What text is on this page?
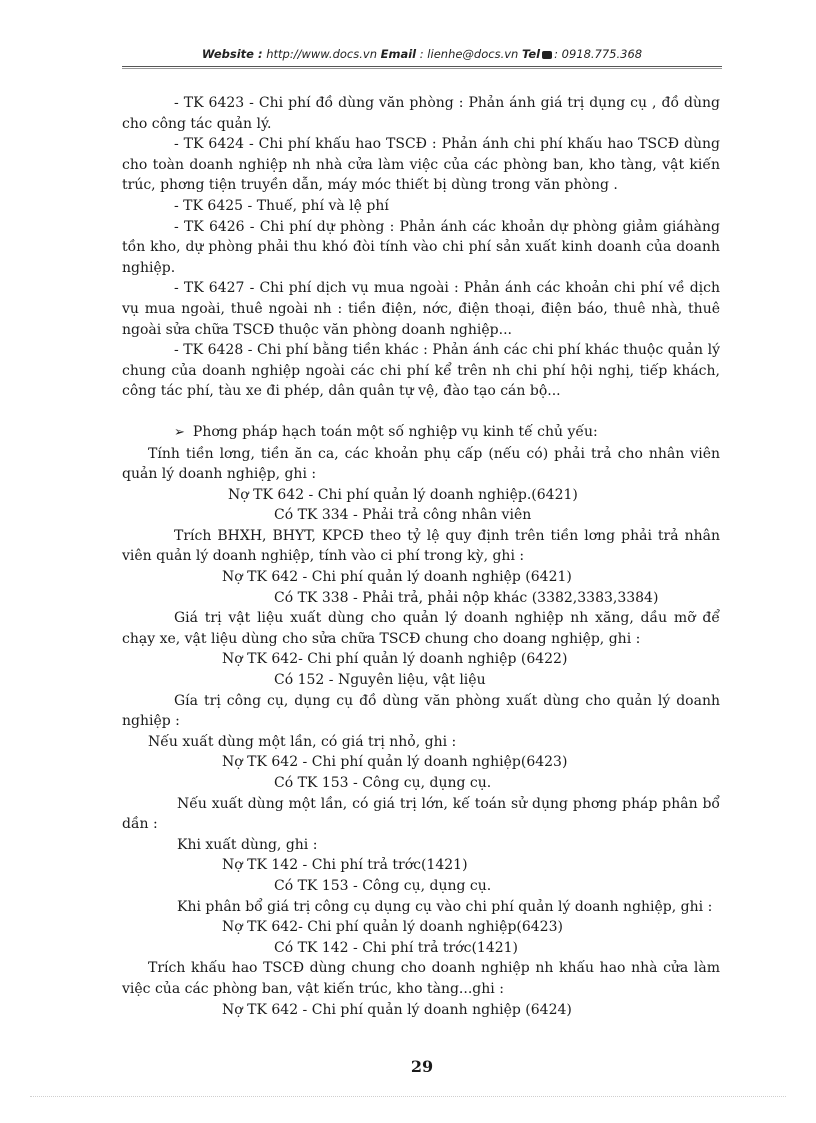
Website : http://www.docs.vn Email : lienhe@docs.vn Tel : 0918.775.368

- TK 6423 - Chi phí đồ dùng văn phòng : Phản ánh giá trị dụng cụ , đồ dùng cho công tác quản lý.

- TK 6424 - Chi phí khấu hao TSCĐ : Phản ánh chi phí khấu hao TSCĐ dùng cho toàn doanh nghiệp nh nhà cửa làm việc của các phòng ban, kho tàng, vật kiến trúc, phơng tiện truyền dẫn, máy móc thiết bị dùng trong văn phòng .

- TK 6425 - Thuế, phí và lệ phí

- TK 6426 - Chi phí dự phòng : Phản ánh các khoản dự phòng giảm giáhàng tồn kho, dự phòng phải thu khó đòi tính vào chi phí sản xuất kinh doanh của doanh nghiệp.

- TK 6427 - Chi phí dịch vụ mua ngoài : Phản ánh các khoản chi phí về dịch vụ mua ngoài, thuê ngoài nh : tiền điện, nớc, điện thoại, điện báo, thuê nhà, thuê ngoài sửa chữa TSCĐ thuộc văn phòng doanh nghiệp...

- TK 6428 - Chi phí bằng tiền khác : Phản ánh các chi phí khác thuộc quản lý chung của doanh nghiệp ngoài các chi phí kể trên nh chi phí hội nghị, tiếp khách, công tác phí, tàu xe đi phép, dân quân tự vệ, đào tạo cán bộ...

➢ Phơng pháp hạch toán một số nghiệp vụ kinh tế chủ yếu:

Tính tiền lơng, tiền ăn ca, các khoản phụ cấp (nếu có) phải trả cho nhân viên quản lý doanh nghiệp, ghi :

Nợ TK 642 - Chi phí quản lý doanh nghiệp.(6421)

Có TK 334 - Phải trả công nhân viên

Trích BHXH, BHYT, KPCĐ theo tỷ lệ quy định trên tiền lơng phải trả nhân viên quản lý doanh nghiệp, tính vào ci phí trong kỳ, ghi :

Nợ TK 642 - Chi phí quản lý doanh nghiệp (6421)

Có TK 338 - Phải trả, phải nộp khác (3382,3383,3384)

Giá trị vật liệu xuất dùng cho quản lý doanh nghiệp nh xăng, dầu mỡ để chạy xe, vật liệu dùng cho sửa chữa TSCĐ chung cho doang nghiệp, ghi :

Nợ TK 642- Chi phí quản lý doanh nghiệp (6422)

Có 152 - Nguyên liệu, vật liệu

Gía trị công cụ, dụng cụ đồ dùng văn phòng xuất dùng cho quản lý doanh nghiệp :

Nếu xuất dùng một lần, có giá trị nhỏ, ghi :

Nợ TK 642 - Chi phí quản lý doanh nghiệp(6423)

Có TK 153 - Công cụ, dụng cụ.

Nếu xuất dùng một lần, có giá trị lớn, kế toán sử dụng phơng pháp phân bổ dần :

Khi xuất dùng, ghi :

Nợ TK 142 - Chi phí trả trớc(1421)

Có TK 153 - Công cụ, dụng cụ.

Khi phân bổ giá trị công cụ dụng cụ vào chi phí quản lý doanh nghiệp, ghi :

Nợ TK 642- Chi phí quản lý doanh nghiệp(6423)

Có TK 142 - Chi phí trả trớc(1421)

Trích khấu hao TSCĐ dùng chung cho doanh nghiệp nh khấu hao nhà cửa làm việc của các phòng ban, vật kiến trúc, kho tàng...ghi :

Nợ TK 642 - Chi phí quản lý doanh nghiệp (6424)

29
